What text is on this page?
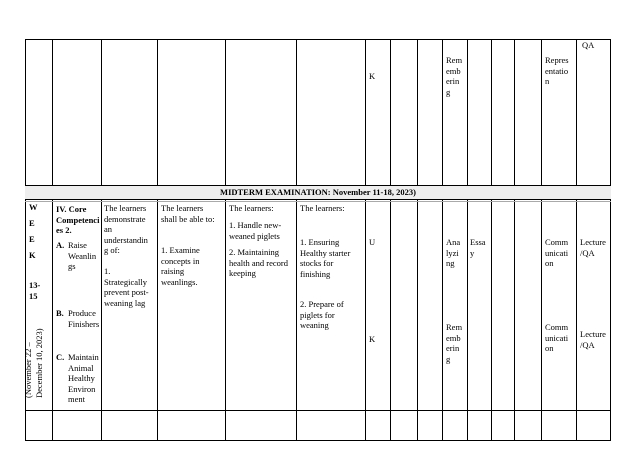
MIDTERM EXAMINATION: November 11-18, 2023)
K
Rem
emb
erin
g
Repres
entatio
n
QA
W
E
E
K
13-
15
(November 22 – December 10, 2023)
IV. Core
Competenci
es 2.
A. Raise
Weanlin
gs
B. Produce
Finishers
C. Maintain
Animal
Healthy
Environ
ment
The learners
demonstrate
an
understandin
g of:
1.
Strategically
prevent post-
weaning lag
The learners
shall be able to:
1. Examine
concepts in
raising
weanlings.
The learners:
1. Handle new-
weaned piglets
2. Maintaining
health and record
keeping
The learners:
1. Ensuring
Healthy starter
stocks for
finishing
2. Prepare of
piglets for
weaning
U
K
Ana
lyzi
ng
Rem
emb
erin
g
Essa
y
Comm
unicati
on
Comm
unicati
on
Lecture
/QA
Lecture
/QA
